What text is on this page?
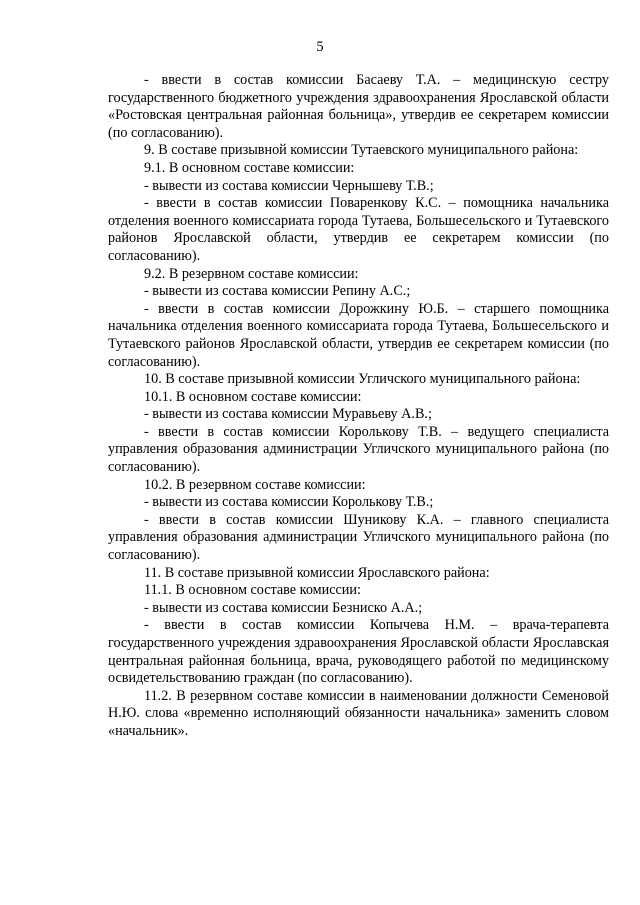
5

- ввести в состав комиссии Басаеву Т.А. – медицинскую сестру государственного бюджетного учреждения здравоохранения Ярославской области «Ростовская центральная районная больница», утвердив ее секретарем комиссии (по согласованию).

9. В составе призывной комиссии Тутаевского муниципального района:

9.1. В основном составе комиссии:

- вывести из состава комиссии Чернышеву Т.В.;

- ввести в состав комиссии Поваренкову К.С. – помощника начальника отделения военного комиссариата города Тутаева, Большесельского и Тутаевского районов Ярославской области, утвердив ее секретарем комиссии (по согласованию).

9.2. В резервном составе комиссии:

- вывести из состава комиссии Репину А.С.;

- ввести в состав комиссии Дорожкину Ю.Б. – старшего помощника начальника отделения военного комиссариата города Тутаева, Большесельского и Тутаевского районов Ярославской области, утвердив ее секретарем комиссии (по согласованию).

10. В составе призывной комиссии Угличского муниципального района:

10.1. В основном составе комиссии:

- вывести из состава комиссии Муравьеву А.В.;

- ввести в состав комиссии Королькову Т.В. – ведущего специалиста управления образования администрации Угличского муниципального района (по согласованию).

10.2. В резервном составе комиссии:

- вывести из состава комиссии Королькову Т.В.;

- ввести в состав комиссии Шуникову К.А. – главного специалиста управления образования администрации Угличского муниципального района (по согласованию).

11. В составе призывной комиссии Ярославского района:

11.1. В основном составе комиссии:

- вывести из состава комиссии Безниско А.А.;

- ввести в состав комиссии Копычева Н.М. – врача-терапевта государственного учреждения здравоохранения Ярославской области Ярославская центральная районная больница, врача, руководящего работой по медицинскому освидетельствованию граждан (по согласованию).

11.2. В резервном составе комиссии в наименовании должности Семеновой Н.Ю. слова «временно исполняющий обязанности начальника» заменить словом «начальник».
